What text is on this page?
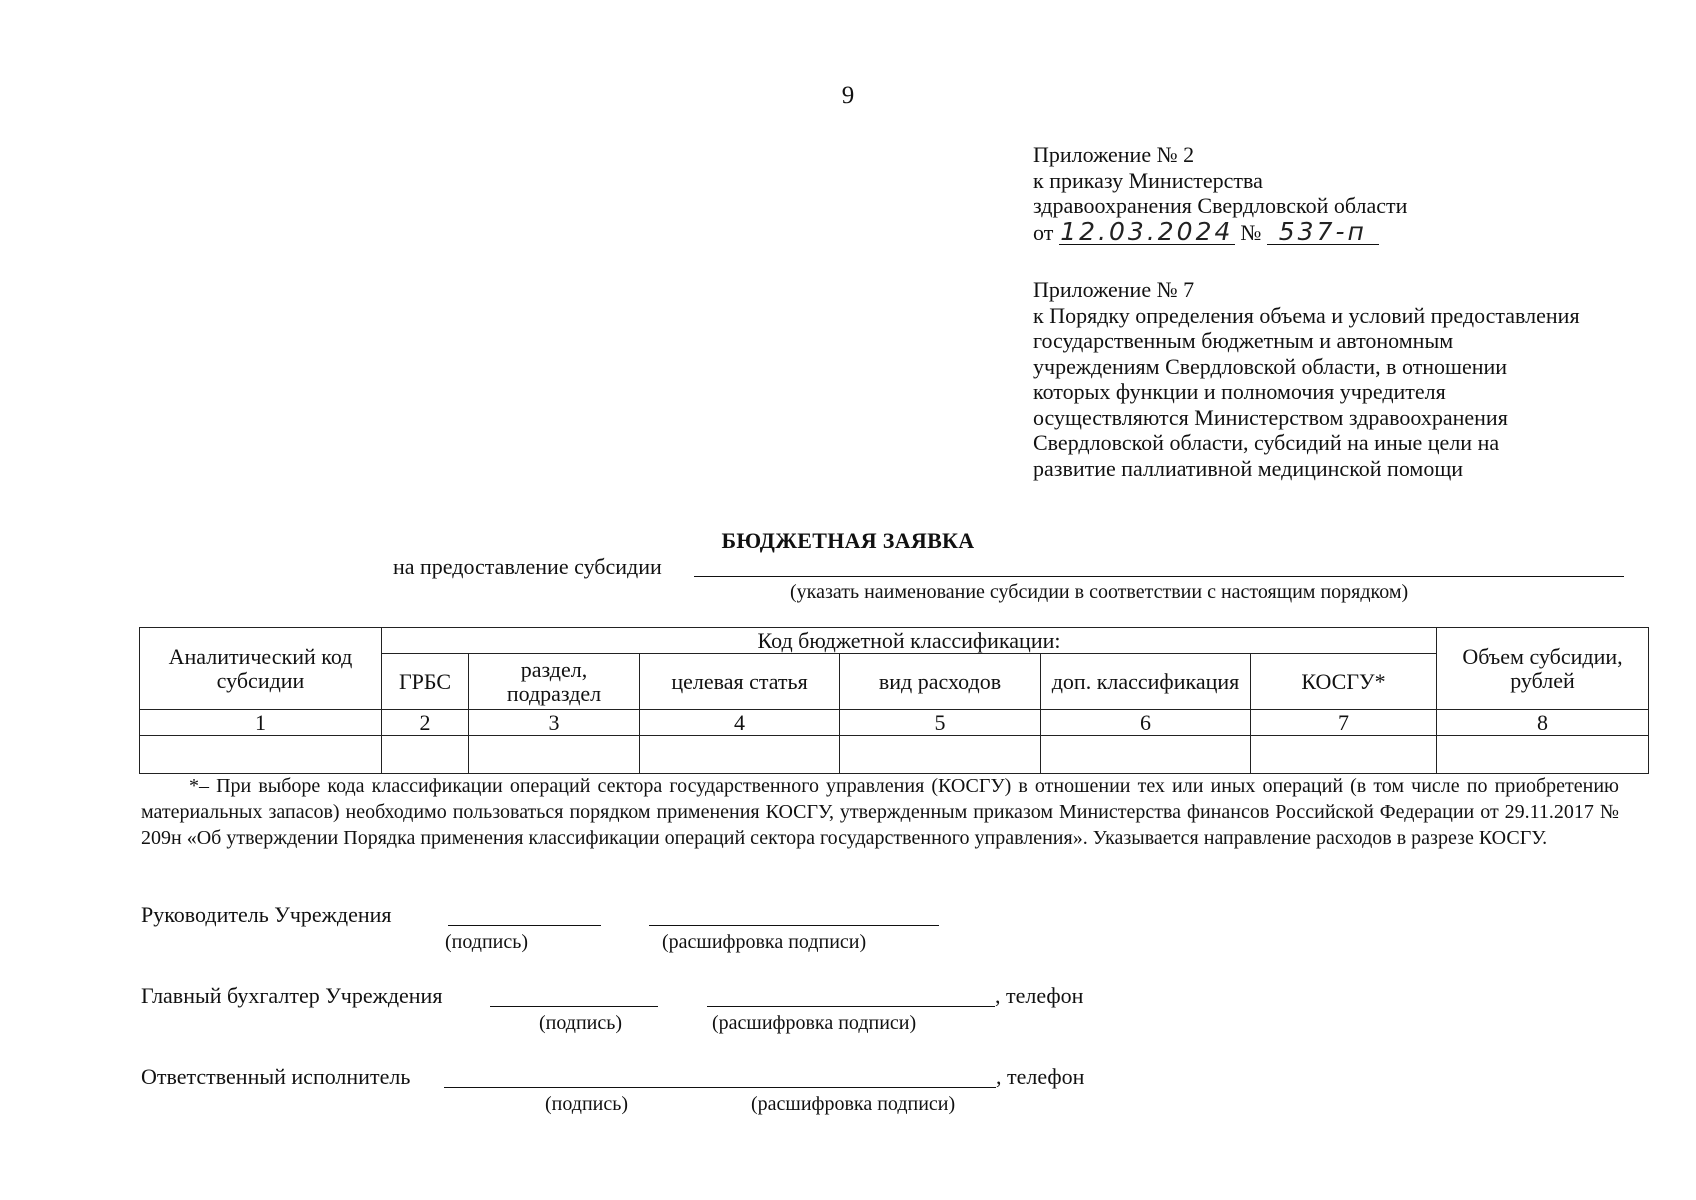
9
Приложение № 2
к приказу Министерства
здравоохранения Свердловской области
от 12.03.2024 № 537-п
Приложение № 7
к Порядку определения объема и условий предоставления
государственным бюджетным и автономным
учреждениям Свердловской области, в отношении
которых функции и полномочия учредителя
осуществляются Министерством здравоохранения
Свердловской области, субсидий на иные цели на
развитие паллиативной медицинской помощи
БЮДЖЕТНАЯ ЗАЯВКА
на предоставление субсидии
(указать наименование субсидии в соответствии с настоящим порядком)
Аналитический код субсидии	Код бюджетной классификации:						Объем субсидии, рублей
	ГРБС	раздел, подраздел	целевая статья	вид расходов	доп. классификация	КОСГУ*	
1	2	3	4	5	6	7	8

*– При выборе кода классификации операций сектора государственного управления (КОСГУ) в отношении тех или иных операций (в том числе по приобретению материальных запасов) необходимо пользоваться порядком применения КОСГУ, утвержденным приказом Министерства финансов Российской Федерации от 29.11.2017 № 209н «Об утверждении Порядка применения классификации операций сектора государственного управления». Указывается направление расходов в разрезе КОСГУ.
Руководитель Учреждения
(подпись)	(расшифровка подписи)
Главный бухгалтер Учреждения	, телефон
(подпись)	(расшифровка подписи)
Ответственный исполнитель	, телефон
(подпись)	(расшифровка подписи)
